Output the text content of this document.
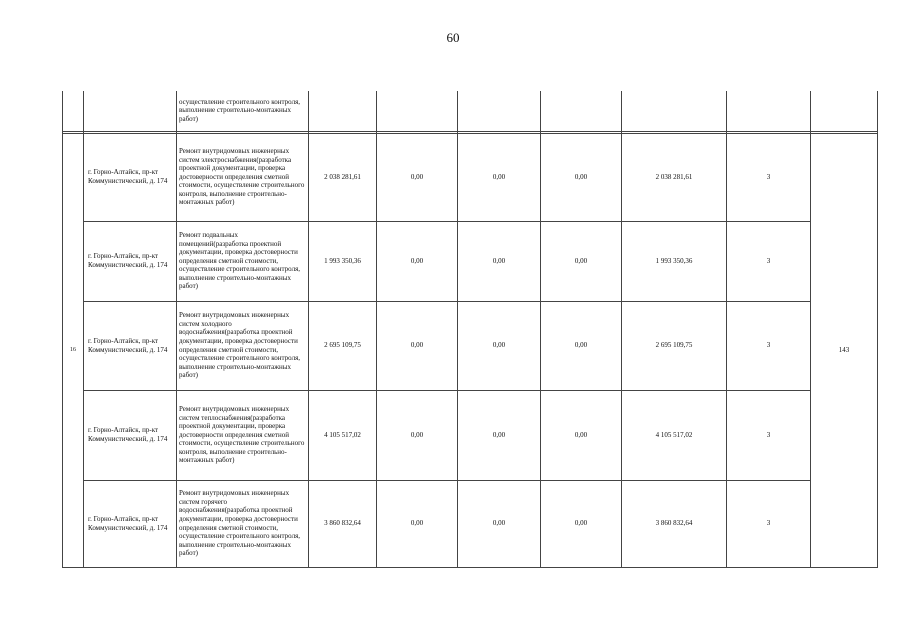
60
		осуществление строительного контроля, выполнение строительно-монтажных работ)							

16	г. Горно-Алтайск, пр-кт Коммунистический, д. 174	Ремонт внутридомовых инженерных систем электроснабжения(разработка проектной документации, проверка достоверности определения сметной стоимости, осуществление строительного контроля, выполнение строительно-монтажных работ)	2 038 281,61	0,00	0,00	0,00	2 038 281,61	3	143
	г. Горно-Алтайск, пр-кт Коммунистический, д. 174	Ремонт подвальных помещений(разработка проектной документации, проверка достоверности определения сметной стоимости, осуществление строительного контроля, выполнение строительно-монтажных работ)	1 993 350,36	0,00	0,00	0,00	1 993 350,36	3	
	г. Горно-Алтайск, пр-кт Коммунистический, д. 174	Ремонт внутридомовых инженерных систем холодного водоснабжения(разработка проектной документации, проверка достоверности определения сметной стоимости, осуществление строительного контроля, выполнение строительно-монтажных работ)	2 695 109,75	0,00	0,00	0,00	2 695 109,75	3	
	г. Горно-Алтайск, пр-кт Коммунистический, д. 174	Ремонт внутридомовых инженерных систем теплоснабжения(разработка проектной документации, проверка достоверности определения сметной стоимости, осуществление строительного контроля, выполнение строительно-монтажных работ)	4 105 517,02	0,00	0,00	0,00	4 105 517,02	3	
	г. Горно-Алтайск, пр-кт Коммунистический, д. 174	Ремонт внутридомовых инженерных систем горячего водоснабжения(разработка проектной документации, проверка достоверности определения сметной стоимости, осуществление строительного контроля, выполнение строительно-монтажных работ)	3 860 832,64	0,00	0,00	0,00	3 860 832,64	3	
